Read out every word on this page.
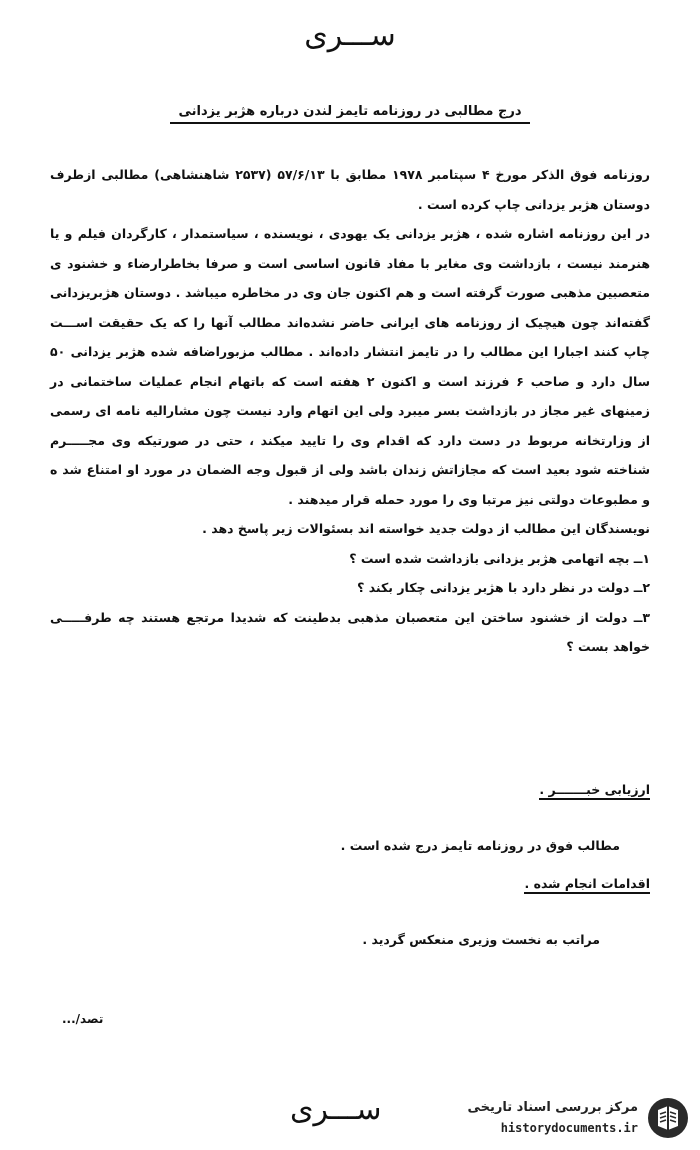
ســـری
درج مطالبی در روزنامه تایمز لندن درباره هژبر یزدانی

روزنامه فوق الذکر مورخ ۴ سپتامبر ۱۹۷۸ مطابق با ۵۷/۶/۱۳ (۲۵۳۷ شاهنشاهی) مطالبی ازطرف دوستان هژبر یزدانی چاپ کرده است .

در این روزنامه اشاره شده ، هژبر یزدانی یک یهودی ، نویسنده ، سیاستمدار ، کارگردان فیلم و یا هنرمند نیست ، بازداشت وی مغایر با مفاد قانون اساسی است و صرفا بخاطرارضاء و خشنود ی متعصبین مذهبی صورت گرفته است و هم اکنون جان وی در مخاطره میباشد . دوستان هژبریزدانی گفته‌اند چون هیچیک از روزنامه های ایرانی حاضر نشده‌اند مطالب آنها را که یک حقیقت اســـت چاپ کنند اجبارا این مطالب را در تایمز انتشار داده‌اند . مطالب مزبوراضافه شده هژبر یزدانی ۵۰ سال دارد و صاحب ۶ فرزند است و اکنون ۲ هفته است که باتهام انجام عملیات ساختمانی در زمینهای غیر مجاز در بازداشت بسر میبرد ولی این اتهام وارد نیست چون مشارالیه نامه ای رسمی از وزارتخانه مربوط در دست دارد که اقدام وی را تایید میکند ، حتی در صورتیکه وی مجـــــرم شناخته شود بعید است که مجازاتش زندان باشد ولی از قبول وجه الضمان در مورد او امتناع شد ه و مطبوعات دولتی نیز مرتبا وی را مورد حمله قرار میدهند .

نویسندگان این مطالب از دولت جدید خواسته اند بسئوالات زیر پاسخ دهد .

۱ــ بچه اتهامی هژبر یزدانی بازداشت شده است ؟

۲ــ دولت در نظر دارد با هژبر یزدانی چکار بکند ؟

۳ــ دولت از خشنود ساختن این متعصبان مذهبی بدطینت که شدیدا مرتجع هستند چه طرفـــــی خواهد بست ؟

ارزیابی خبـــــــر .
مطالب فوق در روزنامه تایمز درج شده است .
اقدامات انجام شده .
مراتب به نخست وزیری منعکس گردید .
تصد/...
ســـری	مرکز بررسی اسناد تاریخی
historydocuments.ir
